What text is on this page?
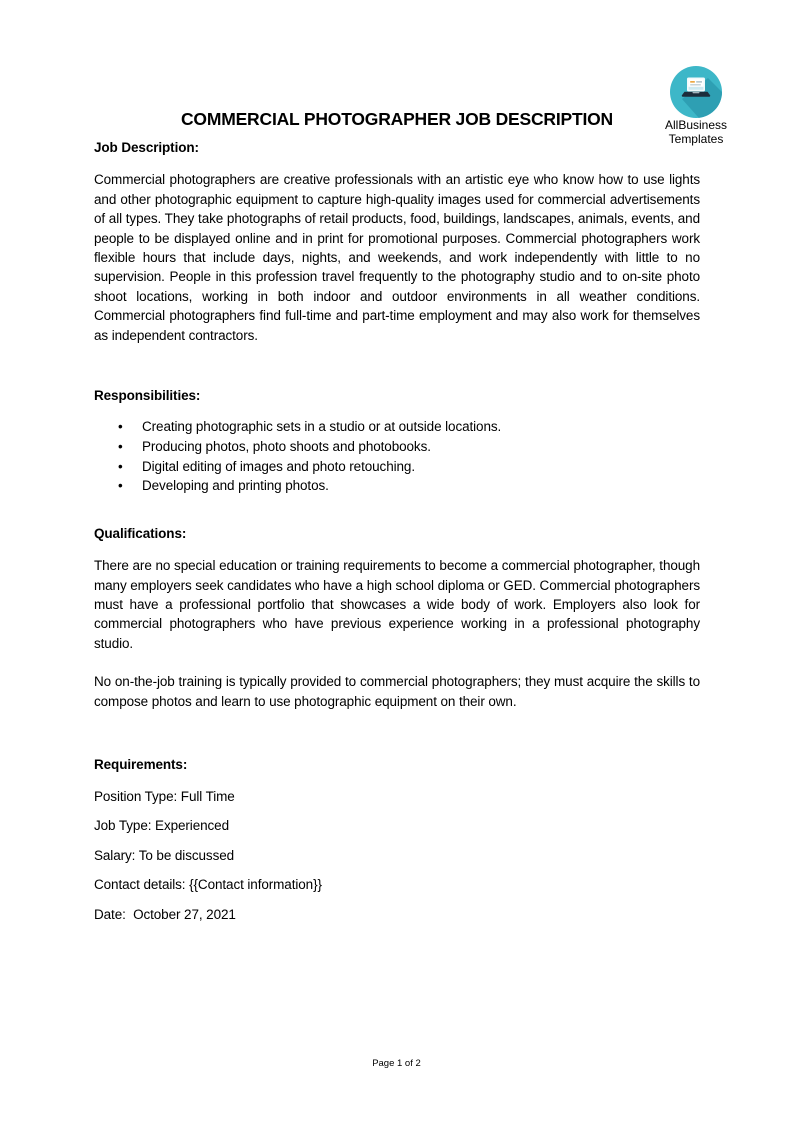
AllBusiness
Templates
COMMERCIAL PHOTOGRAPHER JOB DESCRIPTION
Job Description:

Commercial photographers are creative professionals with an artistic eye who know how to use lights and other photographic equipment to capture high-quality images used for commercial advertisements of all types. They take photographs of retail products, food, buildings, landscapes, animals, events, and people to be displayed online and in print for promotional purposes. Commercial photographers work flexible hours that include days, nights, and weekends, and work independently with little to no supervision. People in this profession travel frequently to the photography studio and to on-site photo shoot locations, working in both indoor and outdoor environments in all weather conditions. Commercial photographers find full-time and part-time employment and may also work for themselves as independent contractors.

Responsibilities:
• Creating photographic sets in a studio or at outside locations.
• Producing photos, photo shoots and photobooks.
• Digital editing of images and photo retouching.
• Developing and printing photos.
Qualifications:

There are no special education or training requirements to become a commercial photographer, though many employers seek candidates who have a high school diploma or GED. Commercial photographers must have a professional portfolio that showcases a wide body of work. Employers also look for commercial photographers who have previous experience working in a professional photography studio.

No on-the-job training is typically provided to commercial photographers; they must acquire the skills to compose photos and learn to use photographic equipment on their own.

Requirements:

Position Type: Full Time

Job Type: Experienced

Salary: To be discussed

Contact details: {{Contact information}}

Date:  October 27, 2021

Page 1 of 2
